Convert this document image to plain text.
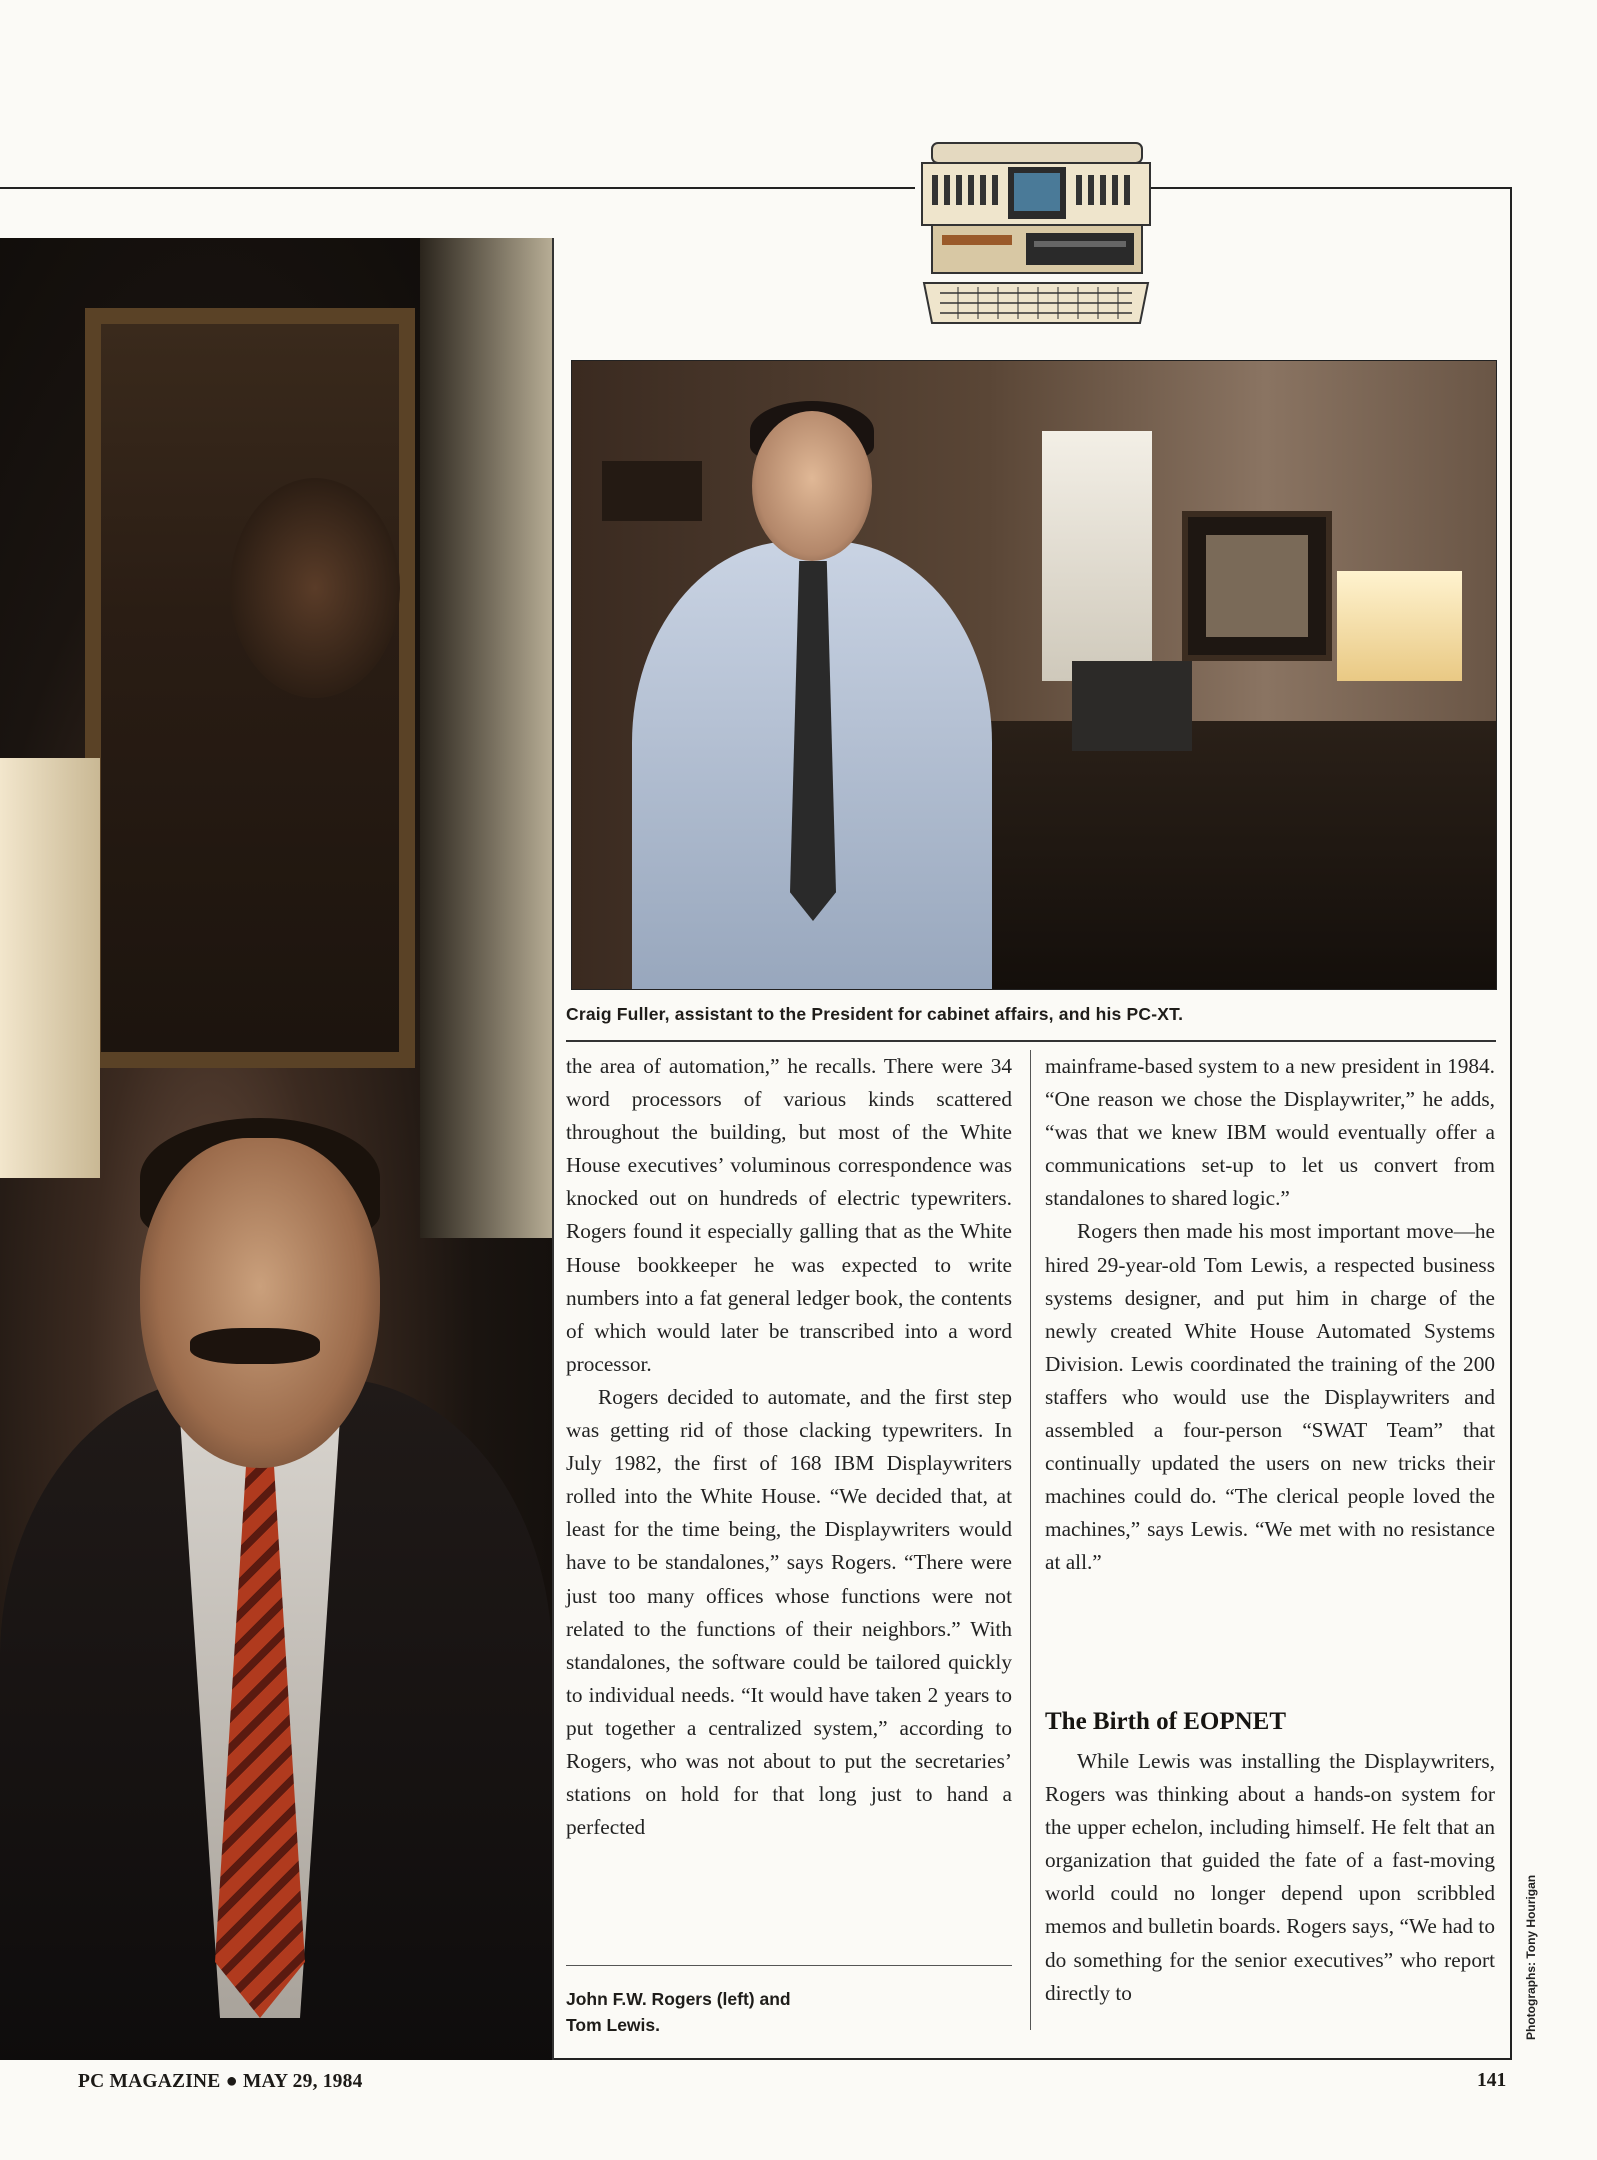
Craig Fuller, assistant to the President for cabinet affairs, and his PC-XT.

the area of automation,” he recalls. There were 34 word processors of various kinds scattered throughout the building, but most of the White House executives’ voluminous correspondence was knocked out on hundreds of electric typewriters. Rogers found it especially galling that as the White House bookkeeper he was expected to write numbers into a fat general ledger book, the contents of which would later be transcribed into a word processor.

Rogers decided to automate, and the first step was getting rid of those clacking typewriters. In July 1982, the first of 168 IBM Displaywriters rolled into the White House. “We decided that, at least for the time being, the Displaywriters would have to be standalones,” says Rogers. “There were just too many offices whose functions were not related to the functions of their neighbors.” With standalones, the software could be tailored quickly to individual needs. “It would have taken 2 years to put together a centralized system,” according to Rogers, who was not about to put the secretaries’ stations on hold for that long just to hand a perfected

mainframe-based system to a new president in 1984. “One reason we chose the Displaywriter,” he adds, “was that we knew IBM would eventually offer a communications set-up to let us convert from standalones to shared logic.”

Rogers then made his most important move—he hired 29-year-old Tom Lewis, a respected business systems designer, and put him in charge of the newly created White House Automated Systems Division. Lewis coordinated the training of the 200 staffers who would use the Displaywriters and assembled a four-person “SWAT Team” that continually updated the users on new tricks their machines could do. “The clerical people loved the machines,” says Lewis. “We met with no resistance at all.”

The Birth of EOPNET

While Lewis was installing the Displaywriters, Rogers was thinking about a hands-on system for the upper echelon, including himself. He felt that an organization that guided the fate of a fast-moving world could no longer depend upon scribbled memos and bulletin boards. Rogers says, “We had to do something for the senior executives” who report directly to

John F.W. Rogers (left) and
Tom Lewis.	Photographs: Tony Hourigan
PC MAGAZINE ● MAY 29, 1984	141
